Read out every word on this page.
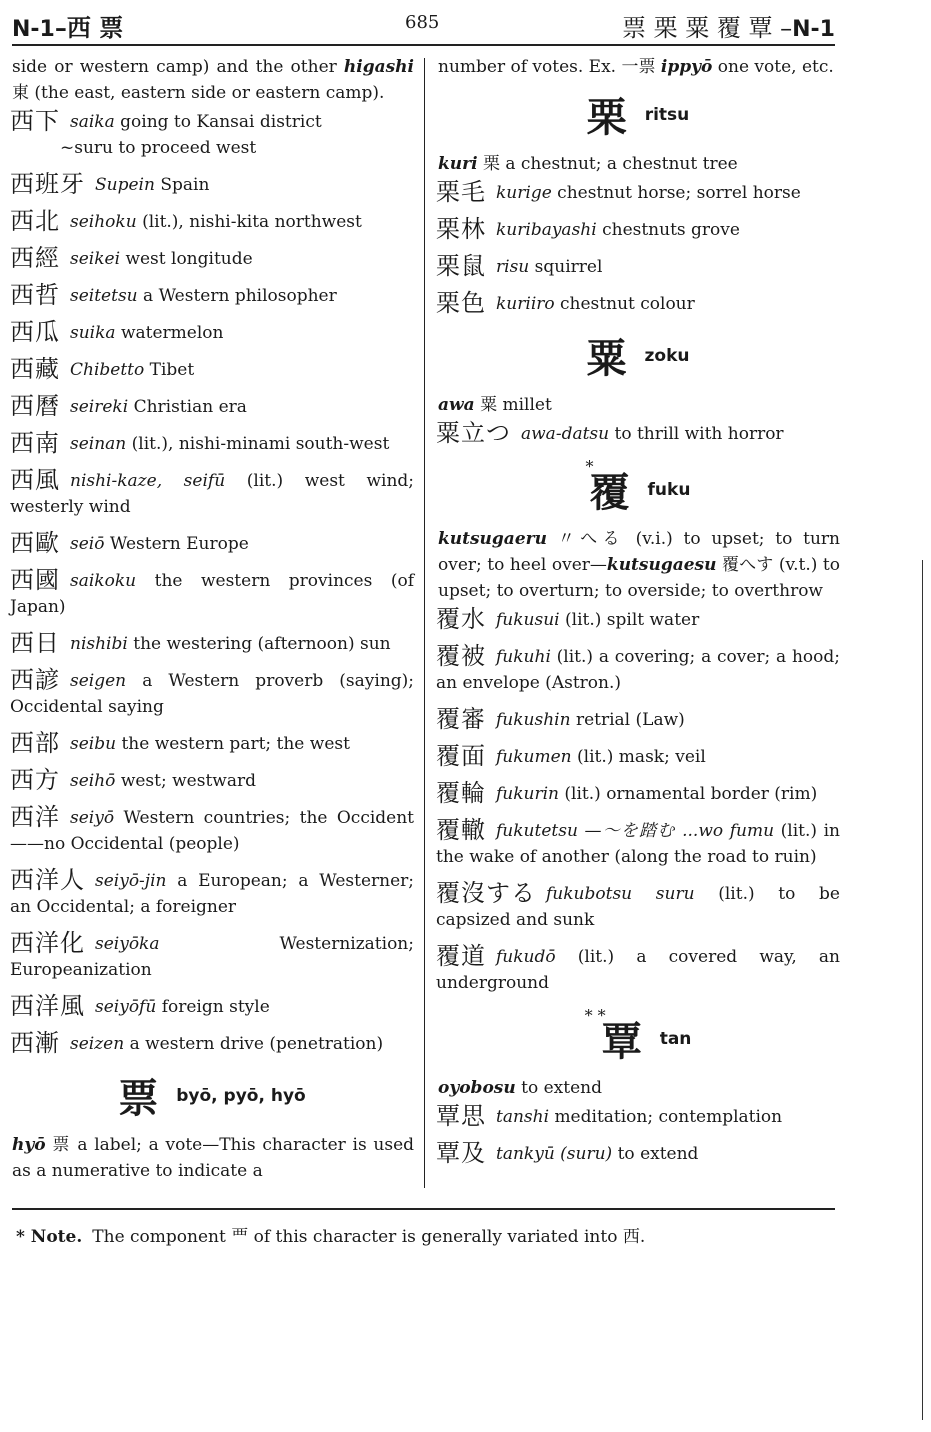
N-1–西 票	685	票 栗 粟 覆 覃 –N-1
side or western camp) and the other higashi 東 (the east, eastern side or eastern camp).
西下 saika going to Kansai district
~suru to proceed west
西班牙 Supein Spain
西北 seihoku (lit.), nishi-kita northwest
西經 seikei west longitude
西哲 seitetsu a Western philosopher
西瓜 suika watermelon
西藏 Chibetto Tibet
西曆 seireki Christian era
西南 seinan (lit.), nishi-minami south-west
西風 nishi-kaze, seifū (lit.) west wind; westerly wind
西歐 seiō Western Europe
西國 saikoku the western provinces (of Japan)
西日 nishibi the westering (afternoon) sun
西諺 seigen a Western proverb (saying); Occidental saying
西部 seibu the western part; the west
西方 seihō west; westward
西洋 seiyō Western countries; the Occident——no Occidental (people)
西洋人 seiyō-jin a European; a Westerner; an Occidental; a foreigner
西洋化 seiyōka	Westernization; Europeanization
西洋風 seiyōfū foreign style
西漸 seizen a western drive (penetration)
票 byō, pyō, hyō
hyō 票 a label; a vote—This character is used as a numerative to indicate a
number of votes. Ex. 一票 ippyō one vote, etc.
栗 ritsu
kuri 栗 a chestnut; a chestnut tree
栗毛 kurige chestnut horse; sorrel horse
栗林 kuribayashi chestnuts grove
栗鼠 risu squirrel
栗色 kuriiro chestnut colour
粟 zoku
awa 粟 millet
粟立つ awa-datsu to thrill with horror
*覆 fuku
kutsugaeru 〃へる (v.i.) to upset; to turn over; to heel over—kutsugaesu 覆へす (v.t.) to upset; to overturn; to overside; to overthrow
覆水 fukusui (lit.) spilt water
覆被 fukuhi (lit.) a covering; a cover; a hood; an envelope (Astron.)
覆審 fukushin retrial (Law)
覆面 fukumen (lit.) mask; veil
覆輪 fukurin (lit.) ornamental border (rim)
覆轍 fukutetsu —〜を踏む ...wo fumu (lit.) in the wake of another (along the road to ruin)
覆沒する fukubotsu suru (lit.) to be capsized and sunk
覆道 fukudō (lit.) a covered way, an underground
* *覃 tan
oyobosu to extend
覃思 tanshi meditation; contemplation
覃及 tankyū (suru) to extend
* Note. The component 覀 of this character is generally variated into 西.
